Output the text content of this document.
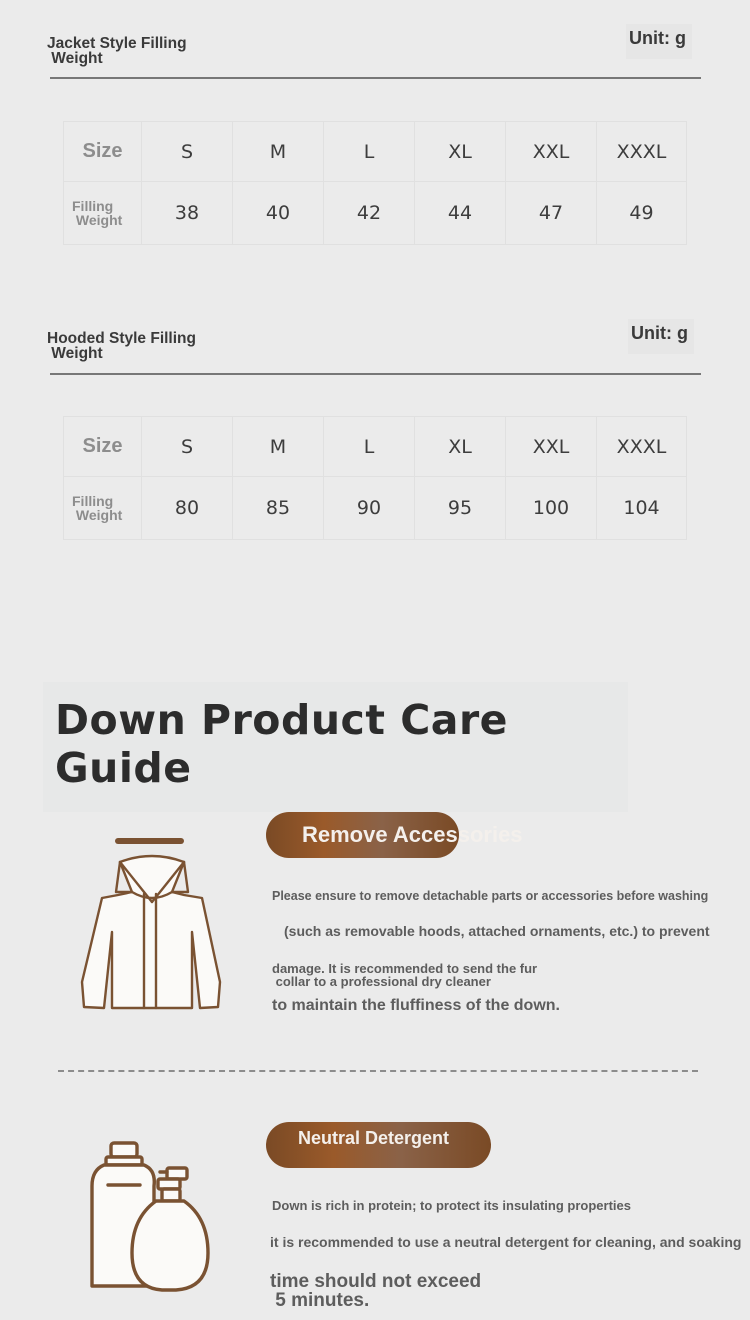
Jacket Style Filling
Weight
Unit: g
Size	S	M	L	XL	XXL	XXXL
Filling
Weight	38	40	42	44	47	49
Hooded Style Filling
Weight
Unit: g
Size	S	M	L	XL	XXL	XXXL
Filling
Weight	80	85	90	95	100	104
Down Product Care Guide
Remove Accessories
Please ensure to remove detachable parts or accessories before washing
(such as removable hoods, attached ornaments, etc.) to prevent
damage. It is recommended to send the fur
collar to a professional dry cleaner
to maintain the fluffiness of the down.
Neutral Detergent
Down is rich in protein; to protect its insulating properties
it is recommended to use a neutral detergent for cleaning, and soaking
time should not exceed
5 minutes.
